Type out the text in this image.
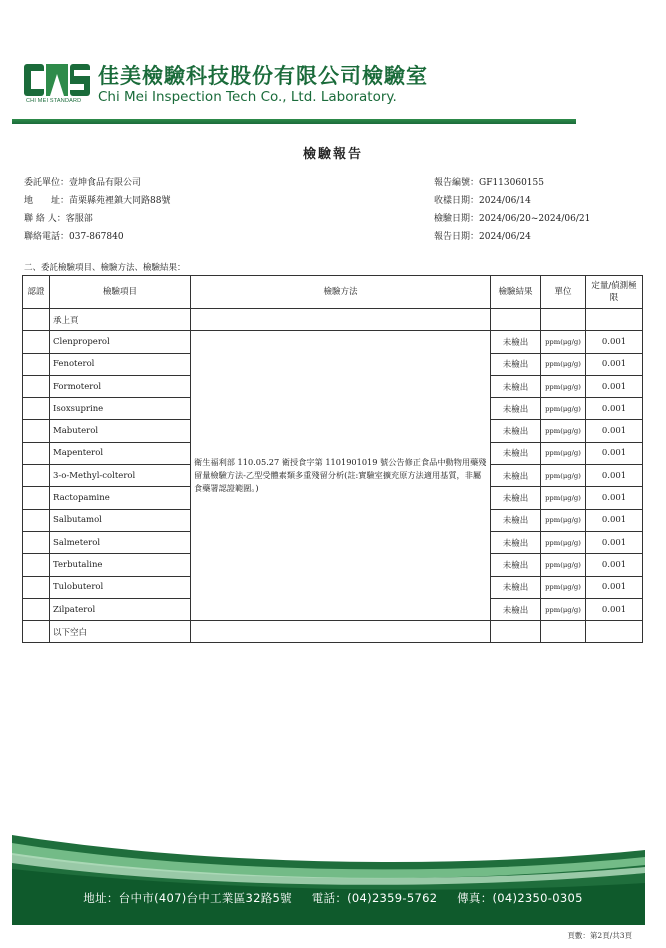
CHI MEI STANDARD
佳美檢驗科技股份有限公司檢驗室
Chi Mei Inspection Tech Co., Ltd. Laboratory.
檢驗報告
委託單位：壹坤食品有限公司
地　　址：苗栗縣苑裡鎮大同路88號
聯 絡 人：客服部
聯絡電話：037-867840
報告編號：GF113060155
收樣日期：2024/06/14
檢驗日期：2024/06/20~2024/06/21
報告日期：2024/06/24
二、委託檢驗項目、檢驗方法、檢驗結果：
認證	檢驗項目	檢驗方法	檢驗結果	單位	定量/偵測極限
	承上頁				
	Clenproperol	衛生福利部 110.05.27 衛授食字第 1101901019 號公告修正食品中動物用藥殘留量檢驗方法-乙型受體素類多重殘留分析(註:實驗室擴充原方法適用基質，非屬食藥署認證範圍。)	未檢出	ppm(μg/g)	0.001
	Fenoterol		未檢出	ppm(μg/g)	0.001
	Formoterol		未檢出	ppm(μg/g)	0.001
	Isoxsuprine		未檢出	ppm(μg/g)	0.001
	Mabuterol		未檢出	ppm(μg/g)	0.001
	Mapenterol		未檢出	ppm(μg/g)	0.001
	3-o-Methyl-colterol		未檢出	ppm(μg/g)	0.001
	Ractopamine		未檢出	ppm(μg/g)	0.001
	Salbutamol		未檢出	ppm(μg/g)	0.001
	Salmeterol		未檢出	ppm(μg/g)	0.001
	Terbutaline		未檢出	ppm(μg/g)	0.001
	Tulobuterol		未檢出	ppm(μg/g)	0.001
	Zilpaterol		未檢出	ppm(μg/g)	0.001
	以下空白				
地址：台中市(407)台中工業區32路5號 電話：(04)2359-5762 傳真：(04)2350-0305
頁數：第2頁/共3頁
